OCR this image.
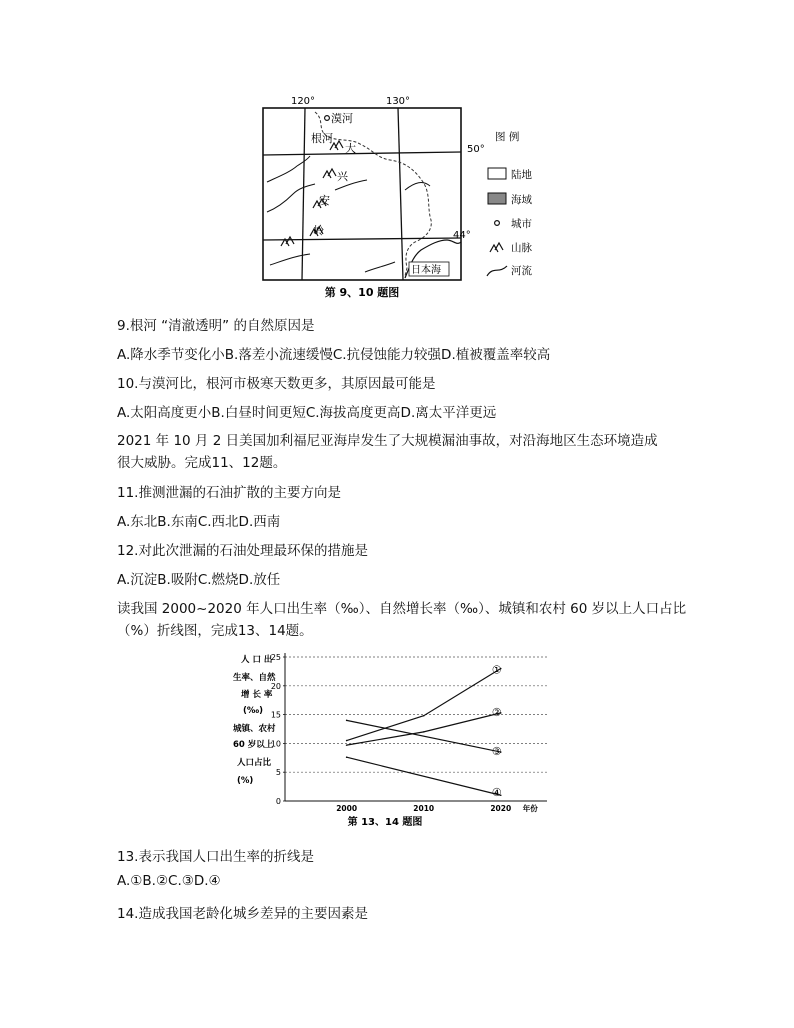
120°	130°
50°
44°
漠河
根河
大
兴
安
岭
日本海
第 9、10 题图
图 例
陆地
海域
城市
山脉
河流
9.根河 “清澈透明” 的自然原因是
A.降水季节变化小B.落差小流速缓慢C.抗侵蚀能力较强D.植被覆盖率较高
10.与漠河比，根河市极寒天数更多，其原因最可能是
A.太阳高度更小B.白昼时间更短C.海拔高度更高D.离太平洋更远
2021 年 10 月 2 日美国加利福尼亚海岸发生了大规模漏油事故，对沿海地区生态环境造成
很大威胁。完成11、12题。
11.推测泄漏的石油扩散的主要方向是
A.东北B.东南C.西北D.西南
12.对此次泄漏的石油处理最环保的措施是
A.沉淀B.吸附C.燃烧D.放任
读我国 2000~2020 年人口出生率（‰）、自然增长率（‰）、城镇和农村 60 岁以上人口占比
（%）折线图，完成13、14题。
人 口 出
生率、自然
增 长 率
(‰)
城镇、农村
60 岁以上
人口占比
(%)
0
5
10
15
20
25
2000	2010	2020 年份
①
②
③
④
第 13、14 题图
13.表示我国人口出生率的折线是
A.①B.②C.③D.④
14.造成我国老龄化城乡差异的主要因素是
